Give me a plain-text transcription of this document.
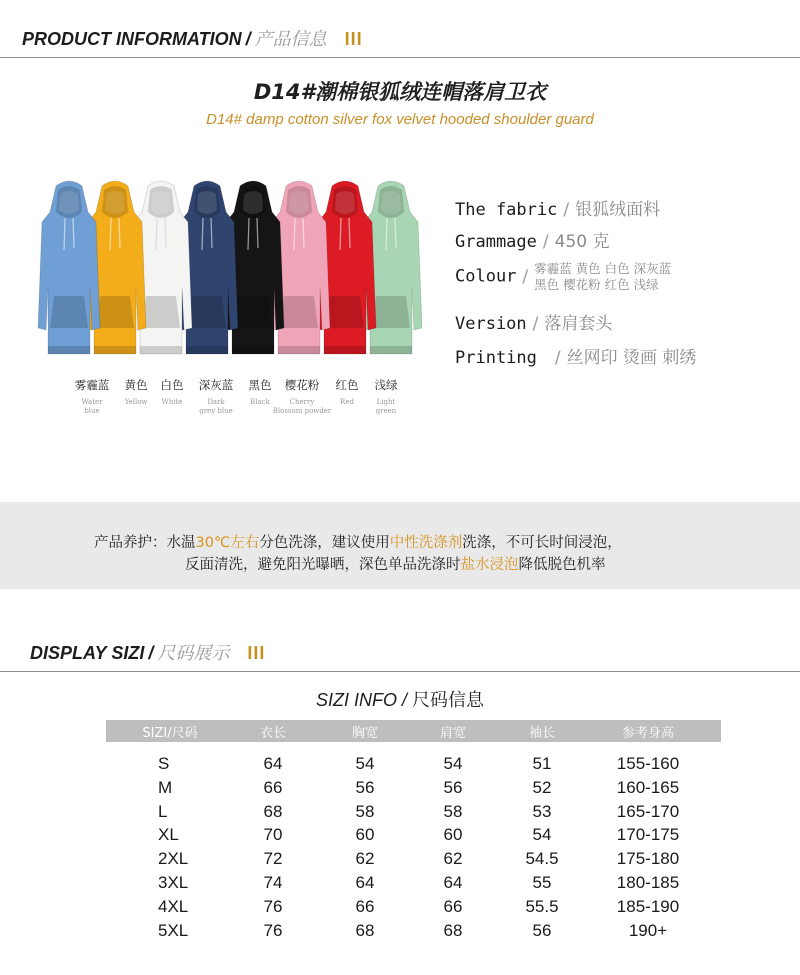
PRODUCT INFORMATION / 产品信息 III
D14#潮棉银狐绒连帽落肩卫衣
D14# damp cotton silver fox velvet hooded shoulder guard
雾霾蓝
Water
blue
黄色
Yellow
白色
White
深灰蓝
Dark
grey blue
黑色
Black
樱花粉
Cherry
Blossom powder
红色
Red
浅绿
Light
green
The fabric / 银狐绒面料
Grammage / 450 克
Colour / 雾霾蓝 黄色 白色 深灰蓝
黑色 樱花粉 红色 浅绿
Version / 落肩套头
Printing / 丝网印 烫画 刺绣
产品养护：水温30℃左右分色洗涤，建议使用中性洗涤剂洗涤，不可长时间浸泡，
反面清洗，避免阳光曝晒，深色单品洗涤时盐水浸泡降低脱色机率
DISPLAY SIZI / 尺码展示 III
SIZI INFO / 尺码信息
SIZI/尺码	衣长	胸宽	肩宽	袖长	参考身高
S	64	54	54	51	155-160
M	66	56	56	52	160-165
L	68	58	58	53	165-170
XL	70	60	60	54	170-175
2XL	72	62	62	54.5	175-180
3XL	74	64	64	55	180-185
4XL	76	66	66	55.5	185-190
5XL	76	68	68	56	190+
